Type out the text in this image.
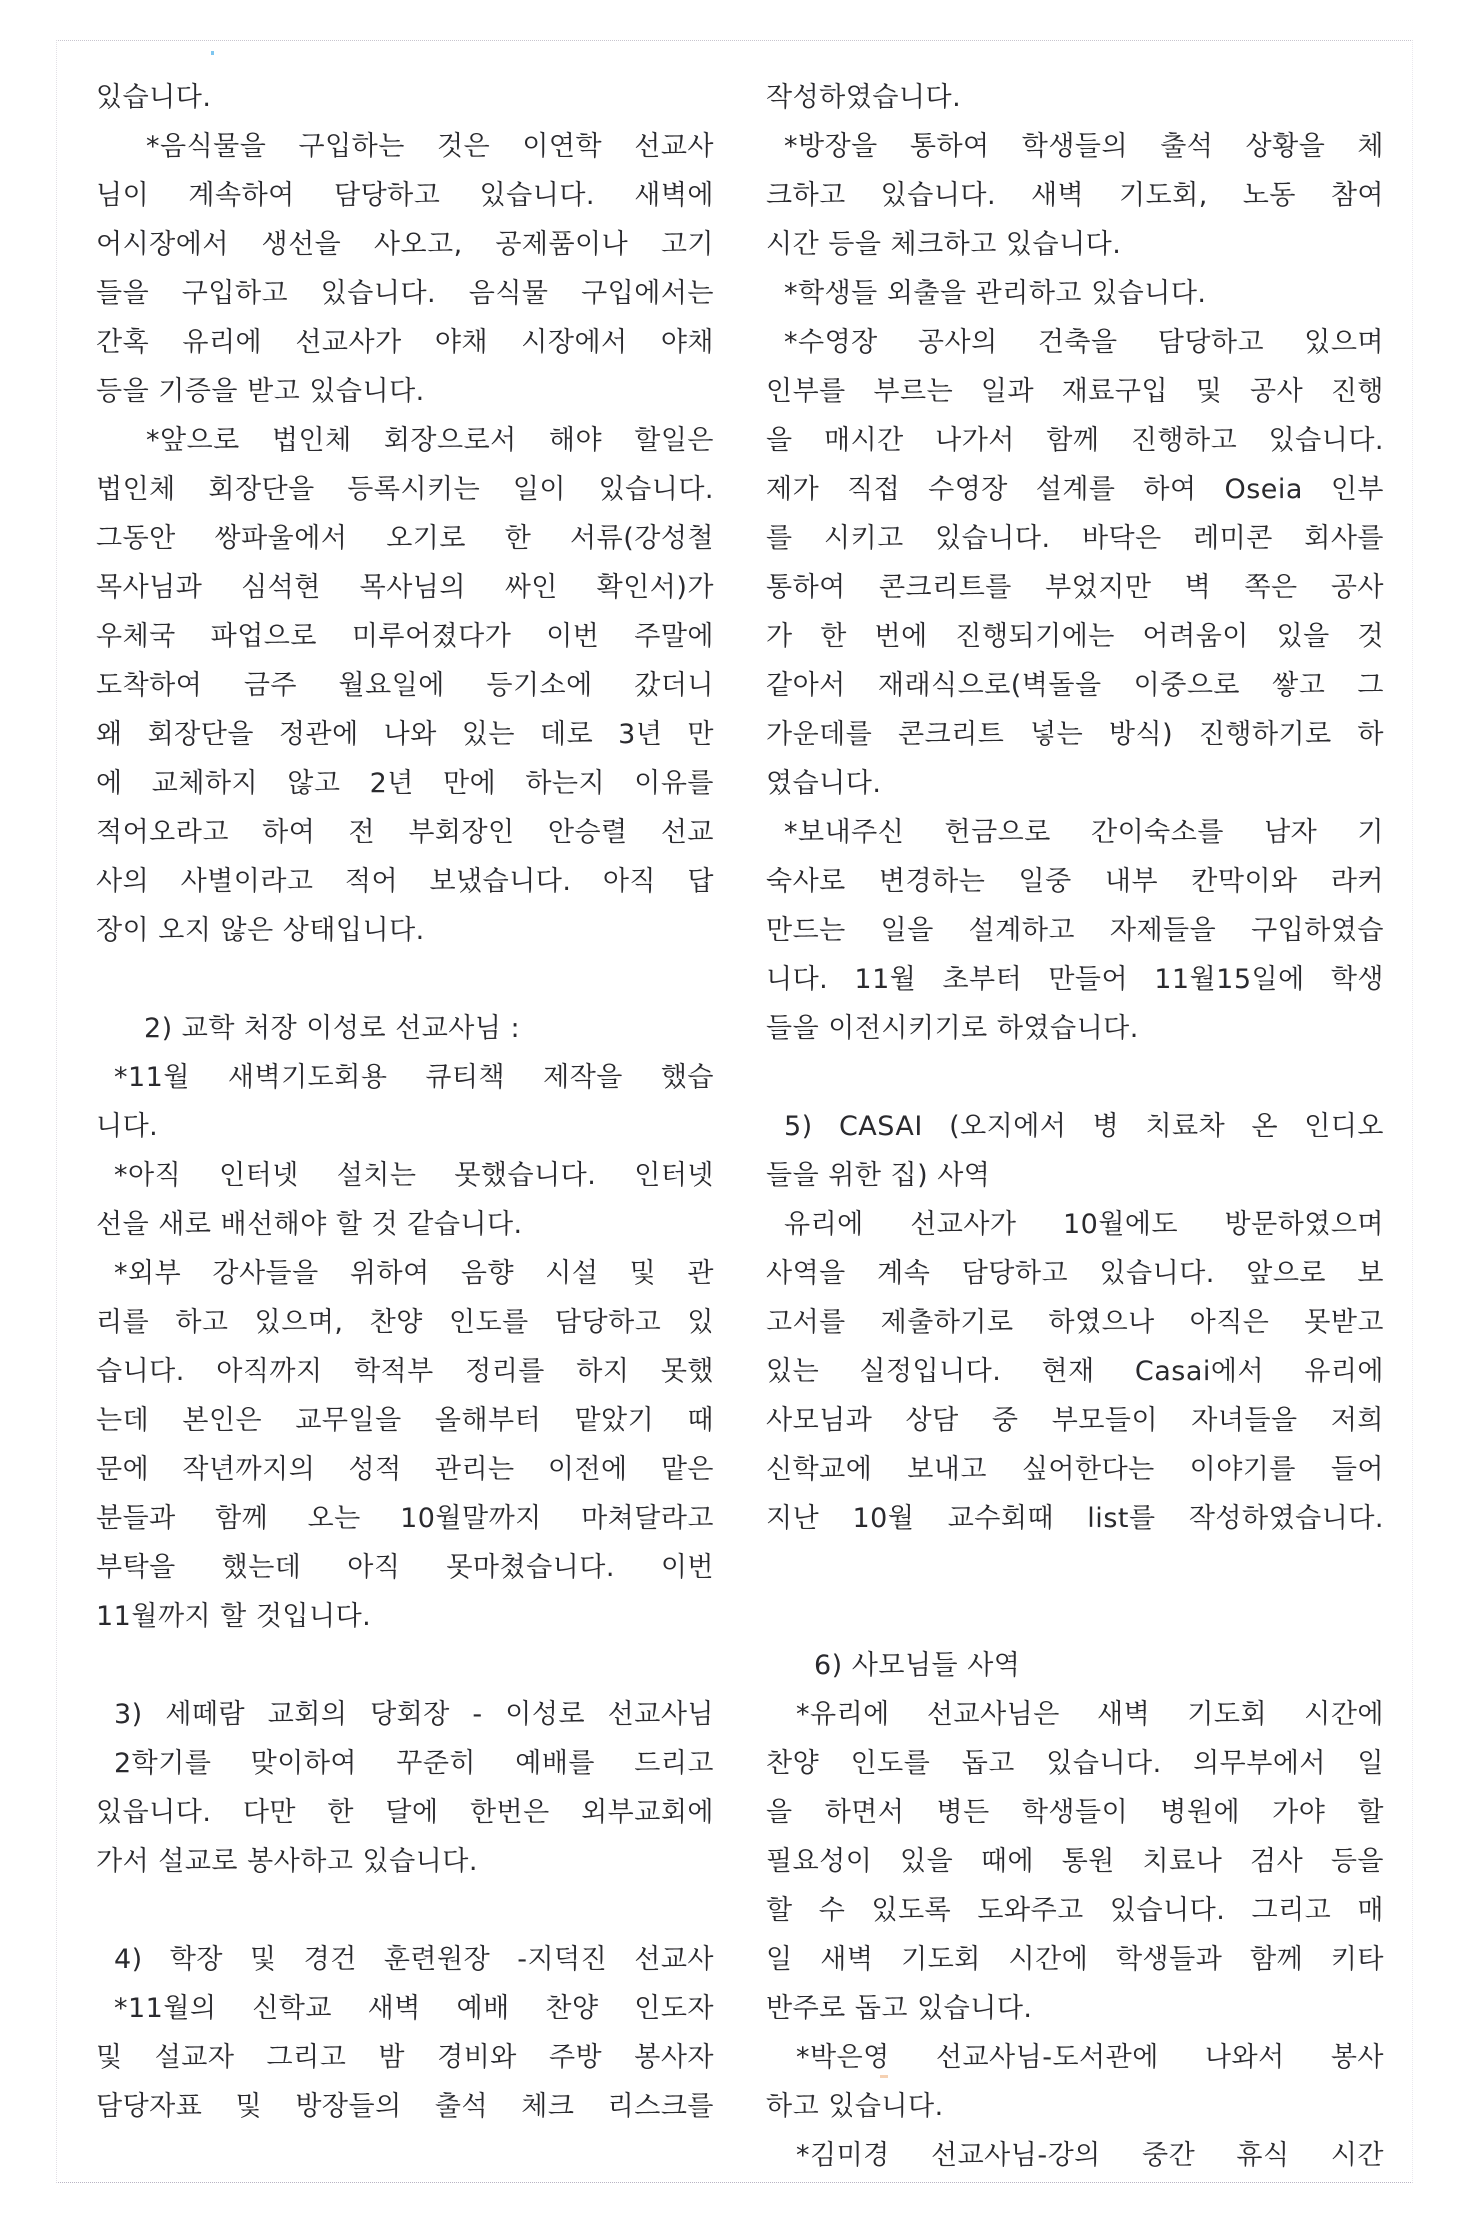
있습니다.
*음식물을 구입하는 것은 이연학 선교사
님이 계속하여 담당하고 있습니다. 새벽에
어시장에서 생선을 사오고, 공제품이나 고기
들을 구입하고 있습니다. 음식물 구입에서는
간혹 유리에 선교사가 야채 시장에서 야채
등을 기증을 받고 있습니다.
*앞으로 법인체 회장으로서 해야 할일은
법인체 회장단을 등록시키는 일이 있습니다.
그동안 쌍파울에서 오기로 한 서류(강성철
목사님과 심석현 목사님의 싸인 확인서)가
우체국 파업으로 미루어졌다가 이번 주말에
도착하여 금주 월요일에 등기소에 갔더니
왜 회장단을 정관에 나와 있는 데로 3년 만
에 교체하지 않고 2년 만에 하는지 이유를
적어오라고 하여 전 부회장인 안승렬 선교
사의 사별이라고 적어 보냈습니다. 아직 답
장이 오지 않은 상태입니다.
2) 교학 처장 이성로 선교사님 :
*11월 새벽기도회용 큐티책 제작을 했습
니다.
*아직 인터넷 설치는 못했습니다. 인터넷
선을 새로 배선해야 할 것 같습니다.
*외부 강사들을 위하여 음향 시설 및 관
리를 하고 있으며, 찬양 인도를 담당하고 있
습니다. 아직까지 학적부 정리를 하지 못했
는데 본인은 교무일을 올해부터 맡았기 때
문에 작년까지의 성적 관리는 이전에 맡은
분들과 함께 오는 10월말까지 마쳐달라고
부탁을 했는데 아직 못마쳤습니다. 이번
11월까지 할 것입니다.
3) 세떼람 교회의 당회장 - 이성로 선교사님
2학기를 맞이하여 꾸준히 예배를 드리고
있읍니다. 다만 한 달에 한번은 외부교회에
가서 설교로 봉사하고 있습니다.
4) 학장 및 경건 훈련원장 -지덕진 선교사
*11월의 신학교 새벽 예배 찬양 인도자
및 설교자 그리고 밤 경비와 주방 봉사자
담당자표 및 방장들의 출석 체크 리스크를
작성하였습니다.
*방장을 통하여 학생들의 출석 상황을 체
크하고 있습니다. 새벽 기도회, 노동 참여
시간 등을 체크하고 있습니다.
*학생들 외출을 관리하고 있습니다.
*수영장 공사의 건축을 담당하고 있으며
인부를 부르는 일과 재료구입 및 공사 진행
을 매시간 나가서 함께 진행하고 있습니다.
제가 직접 수영장 설계를 하여 Oseia 인부
를 시키고 있습니다. 바닥은 레미콘 회사를
통하여 콘크리트를 부었지만 벽 쪽은 공사
가 한 번에 진행되기에는 어려움이 있을 것
같아서 재래식으로(벽돌을 이중으로 쌓고 그
가운데를 콘크리트 넣는 방식) 진행하기로 하
였습니다.
*보내주신 헌금으로 간이숙소를 남자 기
숙사로 변경하는 일중 내부 칸막이와 라커
만드는 일을 설계하고 자제들을 구입하였습
니다. 11월 초부터 만들어 11월15일에 학생
들을 이전시키기로 하였습니다.
5) CASAI (오지에서 병 치료차 온 인디오
들을 위한 집) 사역
유리에 선교사가 10월에도 방문하였으며
사역을 계속 담당하고 있습니다. 앞으로 보
고서를 제출하기로 하였으나 아직은 못받고
있는 실정입니다. 현재 Casai에서 유리에
사모님과 상담 중 부모들이 자녀들을 저희
신학교에 보내고 싶어한다는 이야기를 들어
지난 10월 교수회때 list를 작성하였습니다.
6) 사모님들 사역
*유리에 선교사님은 새벽 기도회 시간에
찬양 인도를 돕고 있습니다. 의무부에서 일
을 하면서 병든 학생들이 병원에 가야 할
필요성이 있을 때에 통원 치료나 검사 등을
할 수 있도록 도와주고 있습니다. 그리고 매
일 새벽 기도회 시간에 학생들과 함께 키타
반주로 돕고 있습니다.
*박은영 선교사님-도서관에 나와서 봉사
하고 있습니다.
*김미경 선교사님-강의 중간 휴식 시간
